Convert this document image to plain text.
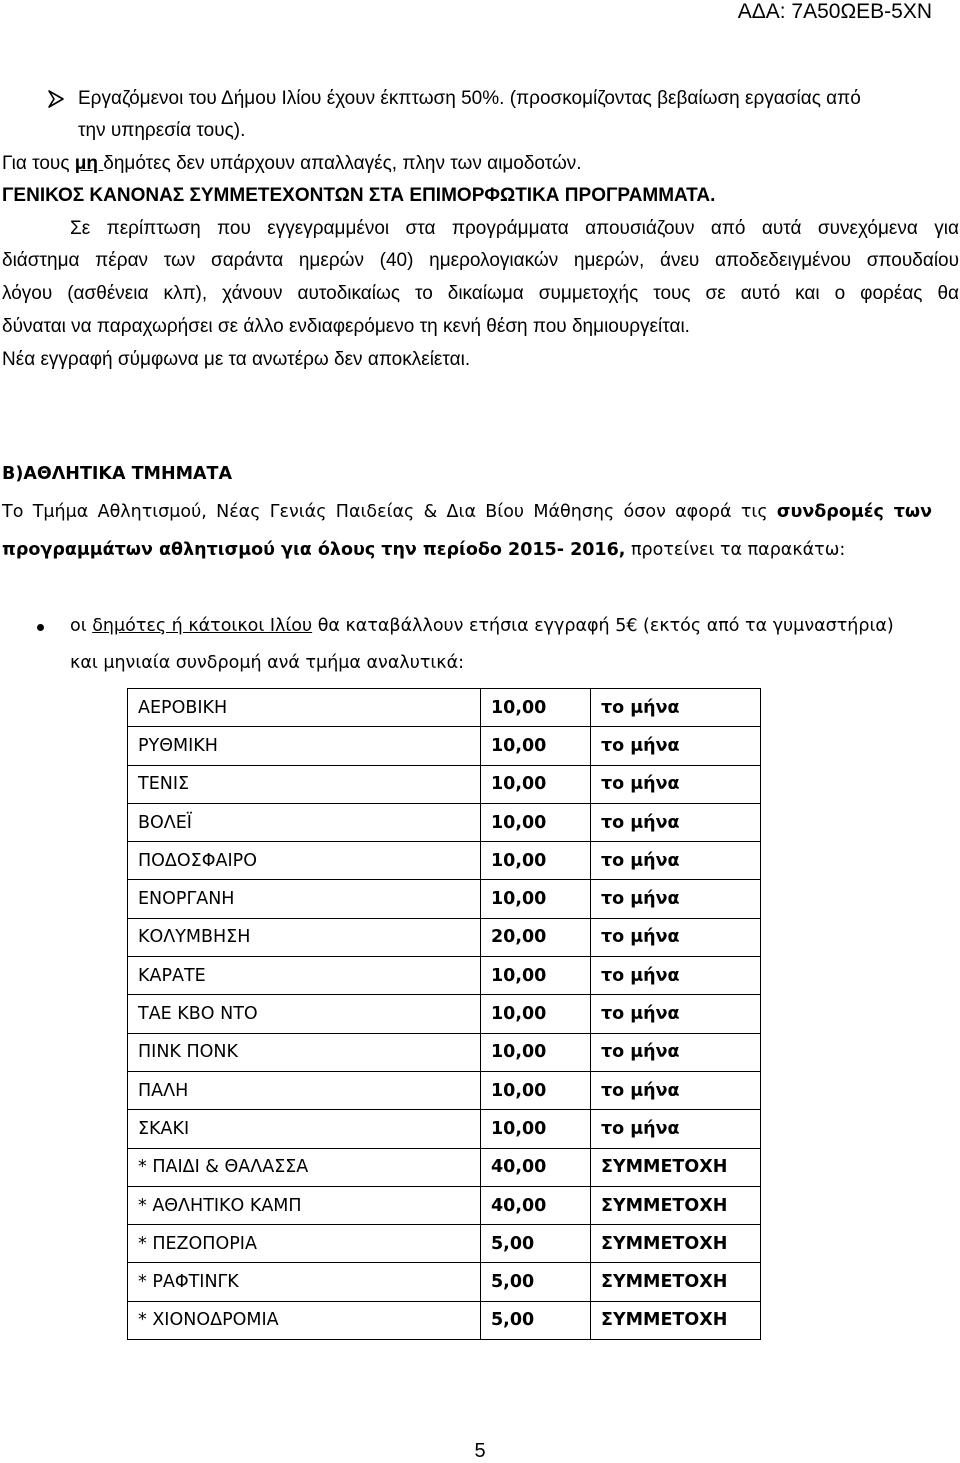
ΑΔΑ: 7Α50ΩΕΒ-5ΧΝ
Εργαζόμενοι του Δήμου Ιλίου έχουν έκπτωση 50%. (προσκομίζοντας βεβαίωση εργασίας από
την υπηρεσία τους).
Για τους μη δημότες δεν υπάρχουν απαλλαγές, πλην των αιμοδοτών.
ΓΕΝΙΚΟΣ ΚΑΝΟΝΑΣ ΣΥΜΜΕΤΕΧΟΝΤΩΝ ΣΤΑ ΕΠΙΜΟΡΦΩΤΙΚΑ ΠΡΟΓΡΑΜΜΑΤΑ.
Σε περίπτωση που εγγεγραμμένοι στα προγράμματα απουσιάζουν από αυτά συνεχόμενα για
διάστημα πέραν των σαράντα ημερών (40) ημερολογιακών ημερών, άνευ αποδεδειγμένου σπουδαίου
λόγου (ασθένεια κλπ), χάνουν αυτοδικαίως το δικαίωμα συμμετοχής τους σε αυτό και ο φορέας θα
δύναται να παραχωρήσει σε άλλο ενδιαφερόμενο τη κενή θέση που δημιουργείται.
Νέα εγγραφή σύμφωνα με τα ανωτέρω δεν αποκλείεται.
Β)ΑΘΛΗΤΙΚΑ ΤΜΗΜΑΤΑ
Το Τμήμα Αθλητισμού, Νέας Γενιάς Παιδείας & Δια Βίου Μάθησης όσον αφορά τις συνδρομές των
προγραμμάτων αθλητισμού για όλους την περίοδο 2015- 2016, προτείνει τα παρακάτω:
οι δημότες ή κάτοικοι Ιλίου θα καταβάλλουν ετήσια εγγραφή 5€ (εκτός από τα γυμναστήρια)
και μηνιαία συνδρομή ανά τμήμα αναλυτικά:
ΑΕΡΟΒΙΚΗ	10,00	το μήνα
ΡΥΘΜΙΚΗ	10,00	το μήνα
ΤΕΝΙΣ	10,00	το μήνα
ΒΟΛΕΪ	10,00	το μήνα
ΠΟΔΟΣΦΑΙΡΟ	10,00	το μήνα
ΕΝΟΡΓΑΝΗ	10,00	το μήνα
ΚΟΛΥΜΒΗΣΗ	20,00	το μήνα
ΚΑΡΑΤΕ	10,00	το μήνα
ΤΑΕ ΚΒΟ ΝΤΟ	10,00	το μήνα
ΠΙΝΚ ΠΟΝΚ	10,00	το μήνα
ΠΑΛΗ	10,00	το μήνα
ΣΚΑΚΙ	10,00	το μήνα
* ΠΑΙΔΙ & ΘΑΛΑΣΣΑ	40,00	ΣΥΜΜΕΤΟΧΗ
* ΑΘΛΗΤΙΚΟ ΚΑΜΠ	40,00	ΣΥΜΜΕΤΟΧΗ
* ΠΕΖΟΠΟΡΙΑ	5,00	ΣΥΜΜΕΤΟΧΗ
* ΡΑΦΤΙΝΓΚ	5,00	ΣΥΜΜΕΤΟΧΗ
* ΧΙΟΝΟΔΡΟΜΙΑ	5,00	ΣΥΜΜΕΤΟΧΗ
5
